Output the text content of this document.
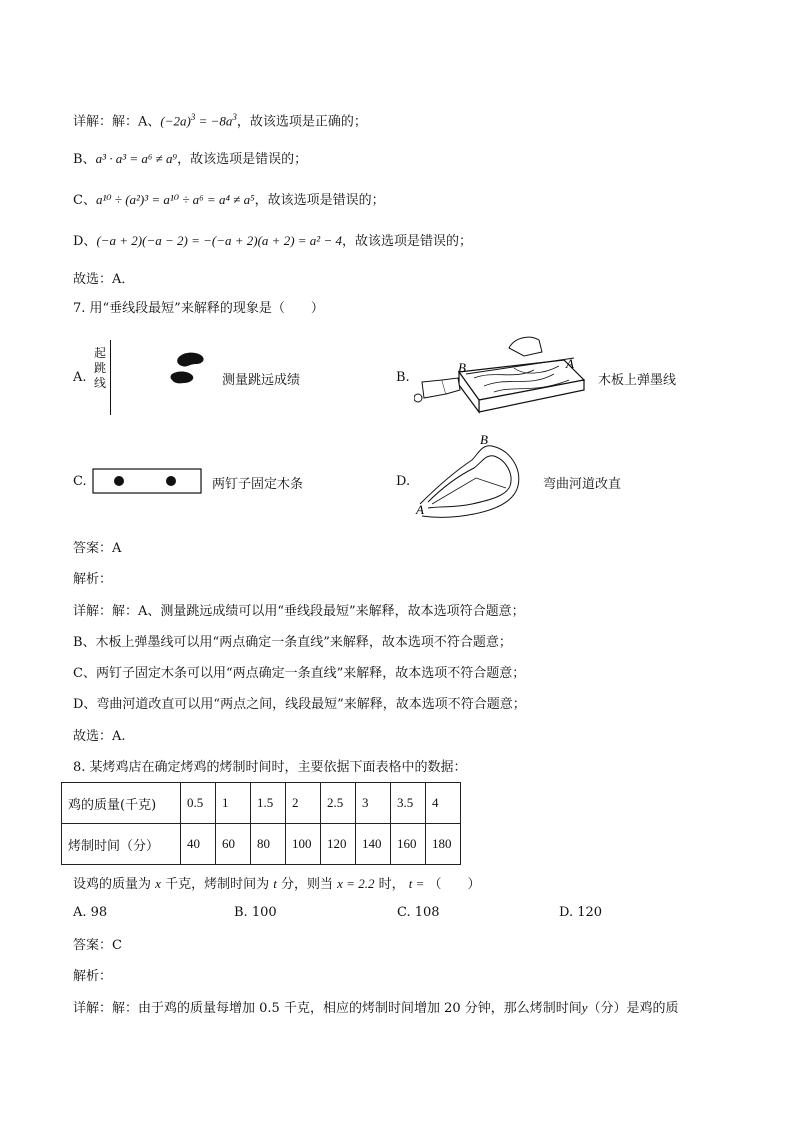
详解：解：A、$(-2a)^3 = -8a^3$，故该选项是正确的；
B、a³ · a³ = a⁶ ≠ a⁹，故该选项是错误的；
C、a¹⁰ ÷ (a²)³ = a¹⁰ ÷ a⁶ = a⁴ ≠ a⁵，故该选项是错误的；
D、(−a + 2)(−a − 2) = −(−a + 2)(a + 2) = a² − 4，故该选项是错误的；
故选：A．
7. 用“垂线段最短”来解释的现象是（　　）
A.
起
跳
线	测量跳远成绩	B.
B	A
木板上弹墨线
C.	两钉子固定木条	D.
B
A
弯曲河道改直
答案：A
解析：
详解：解：A、测量跳远成绩可以用“垂线段最短”来解释，故本选项符合题意；
B、木板上弹墨线可以用“两点确定一条直线”来解释，故本选项不符合题意；
C、两钉子固定木条可以用“两点确定一条直线”来解释，故本选项不符合题意；
D、弯曲河道改直可以用“两点之间，线段最短”来解释，故本选项不符合题意；
故选：A.
8. 某烤鸡店在确定烤鸡的烤制时间时，主要依据下面表格中的数据：
鸡的质量(千克)	0.5	1	1.5	2	2.5	3	3.5	4
烤制时间（分）	40	60	80	100	120	140	160	180
设鸡的质量为 x 千克，烤制时间为 t 分，则当 x = 2.2 时， t = （　　）
A. 98	B. 100	C. 108	D. 120
答案：C
解析：
详解：解：由于鸡的质量每增加 0.5 千克，相应的烤制时间增加 20 分钟，那么烤制时间y（分）是鸡的质
